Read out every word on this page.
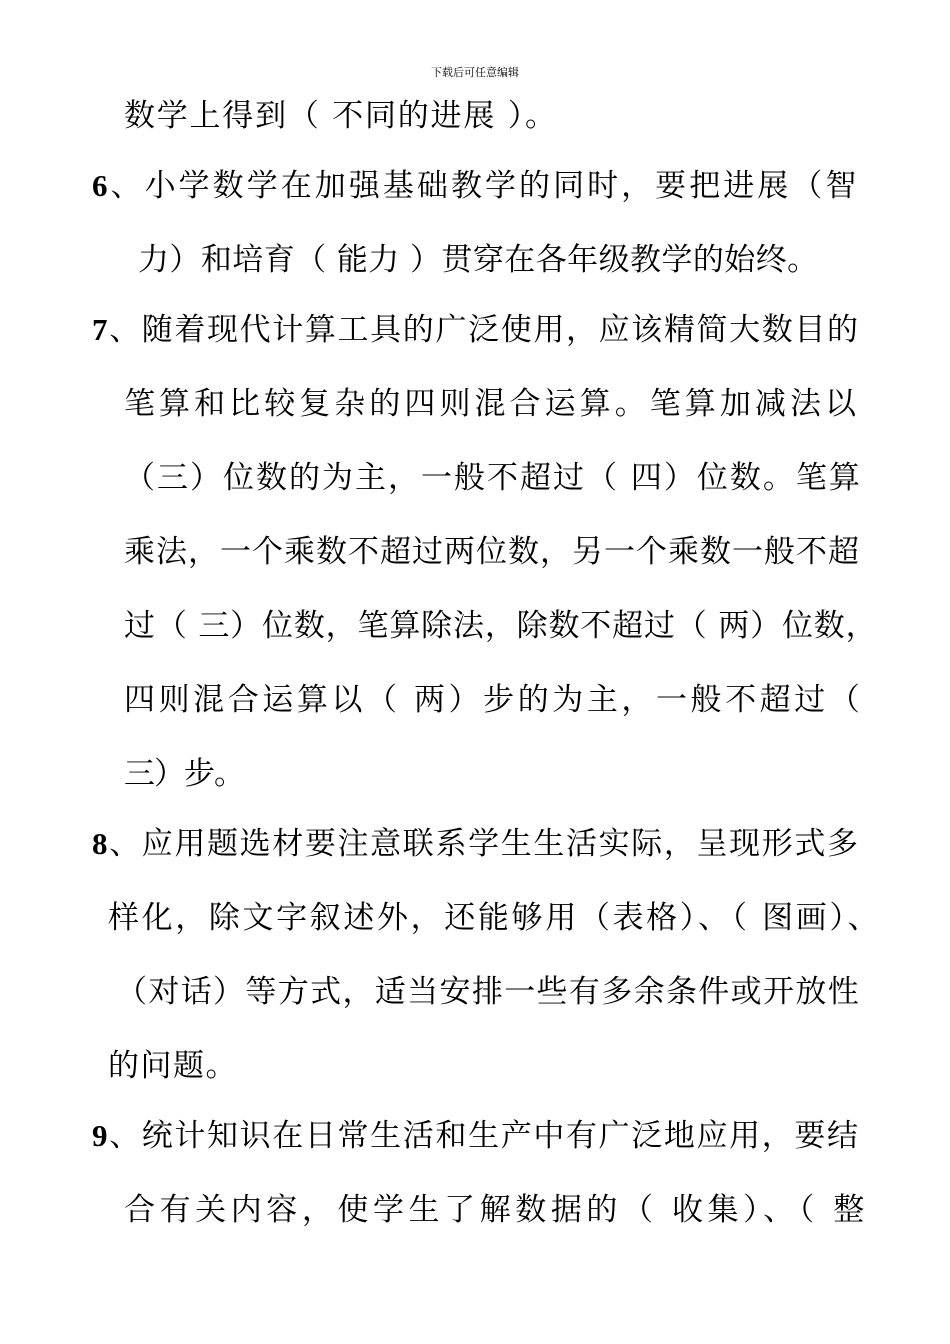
下载后可任意编辑
数学上得到（ 不同的进展 ）。
6、小学数学在加强基础教学的同时，要把进展（智
力）和培育（ 能力 ）贯穿在各年级教学的始终。
7、随着现代计算工具的广泛使用，应该精简大数目的
笔算和比较复杂的四则混合运算。笔算加减法以
（三）位数的为主，一般不超过（ 四）位数。笔算
乘法，一个乘数不超过两位数，另一个乘数一般不超
过（ 三）位数，笔算除法，除数不超过（ 两）位数，
四则混合运算以（ 两）步的为主，一般不超过（
三）步。
8、应用题选材要注意联系学生生活实际，呈现形式多
样化，除文字叙述外，还能够用（表格）、（ 图画）、
（对话）等方式，适当安排一些有多余条件或开放性
的问题。
9、统计知识在日常生活和生产中有广泛地应用，要结
合有关内容，使学生了解数据的（ 收集）、（ 整
